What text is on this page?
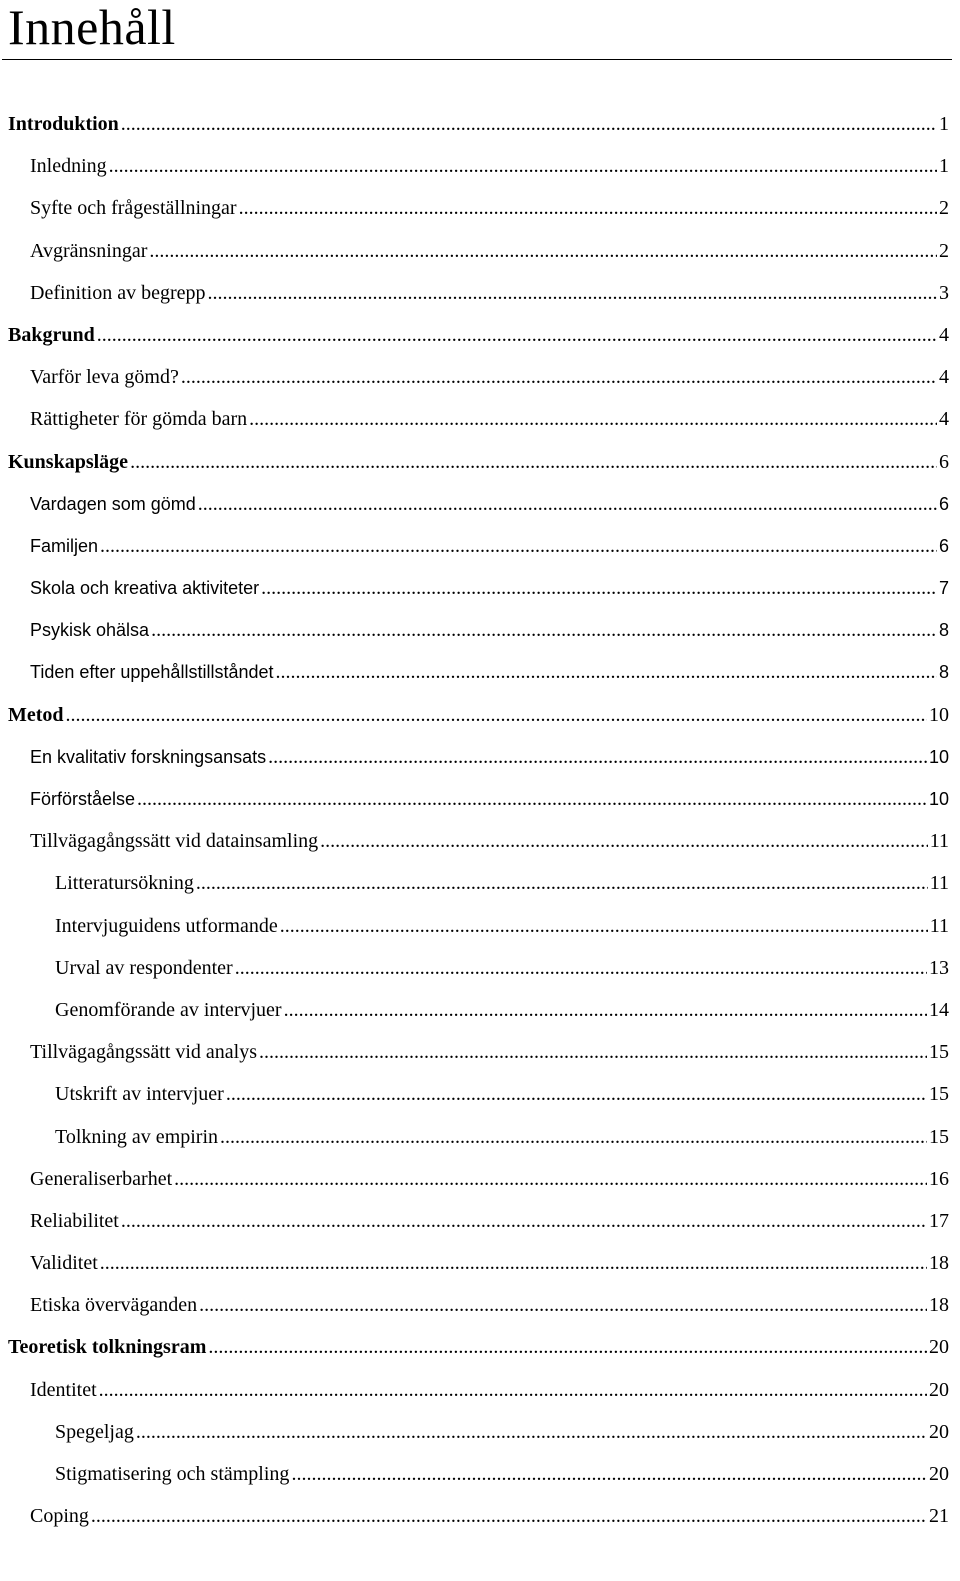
Innehåll
Introduktion .....	1
Inledning .....	1
Syfte och frågeställningar .....	2
Avgränsningar .....	2
Definition av begrepp .....	3
Bakgrund .....	4
Varför leva gömd? .....	4
Rättigheter för gömda barn .....	4
Kunskapsläge .....	6
Vardagen som gömd .....	6
Familjen .....	6
Skola och kreativa aktiviteter .....	7
Psykisk ohälsa .....	8
Tiden efter uppehållstillståndet .....	8
Metod .....	10
En kvalitativ forskningsansats .....	10
Förförståelse .....	10
Tillvägagångssätt vid datainsamling .....	11
Litteratursökning .....	11
Intervjuguidens utformande .....	11
Urval av respondenter .....	13
Genomförande av intervjuer .....	14
Tillvägagångssätt vid analys .....	15
Utskrift av intervjuer .....	15
Tolkning av empirin .....	15
Generaliserbarhet .....	16
Reliabilitet .....	17
Validitet .....	18
Etiska överväganden .....	18
Teoretisk tolkningsram .....	20
Identitet .....	20
Spegeljag .....	20
Stigmatisering och stämpling .....	20
Coping .....	21
